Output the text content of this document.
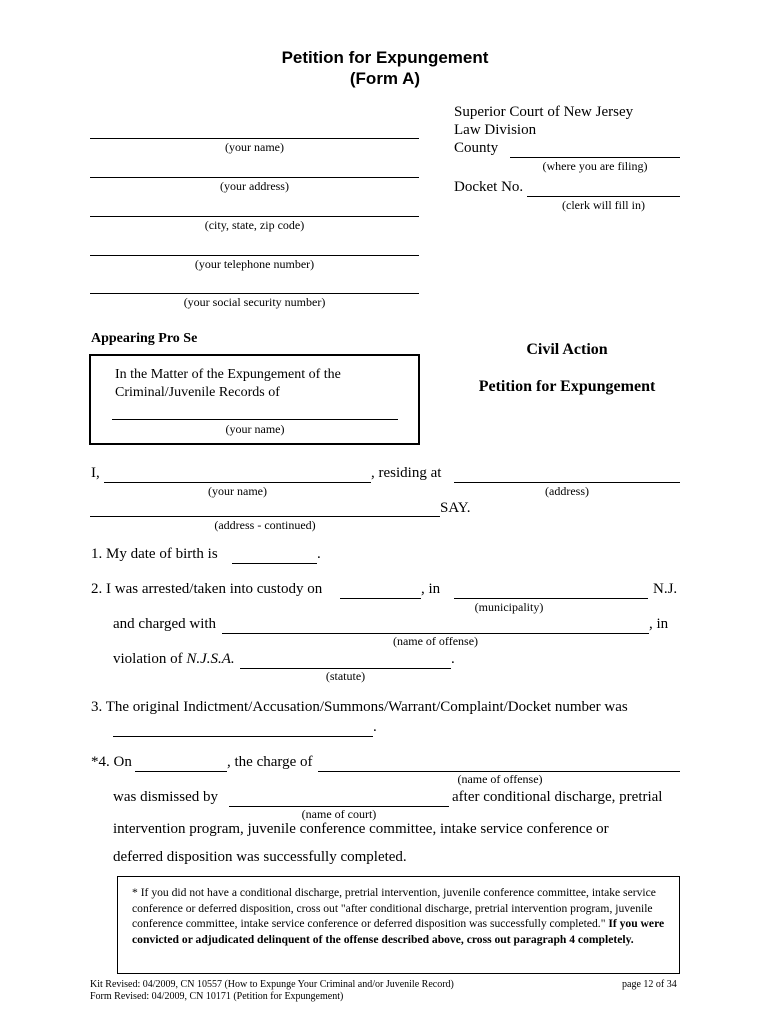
Petition for Expungement
(Form A)
Superior Court of New Jersey
Law Division
County
(where you are filing)
Docket No.
(clerk will fill in)
(your name)
(your address)
(city, state, zip code)
(your telephone number)
(your social security number)
Appearing Pro Se
In the Matter of the Expungement of the
Criminal/Juvenile Records of
(your name)
Civil Action
Petition for Expungement
I,	, residing at
(your name)	(address)
SAY.
(address - continued)
1. My date of birth is	.
2. I was arrested/taken into custody on	, in	N.J.
(municipality)
and charged with	, in
(name of offense)
violation of N.J.S.A.	.
(statute)
3. The original Indictment/Accusation/Summons/Warrant/Complaint/Docket number was
.
*4. On	, the charge of
(name of offense)
was dismissed by	after conditional discharge, pretrial
(name of court)
intervention program, juvenile conference committee, intake service conference or
deferred disposition was successfully completed.
* If you did not have a conditional discharge, pretrial intervention, juvenile conference committee, intake service conference or deferred disposition, cross out "after conditional discharge, pretrial intervention program, juvenile conference committee, intake service conference or deferred disposition was successfully completed." If you were convicted or adjudicated delinquent of the offense described above, cross out paragraph 4 completely.
Kit Revised: 04/2009, CN 10557 (How to Expunge Your Criminal and/or Juvenile Record)
Form Revised: 04/2009, CN 10171 (Petition for Expungement)
page 12 of 34
